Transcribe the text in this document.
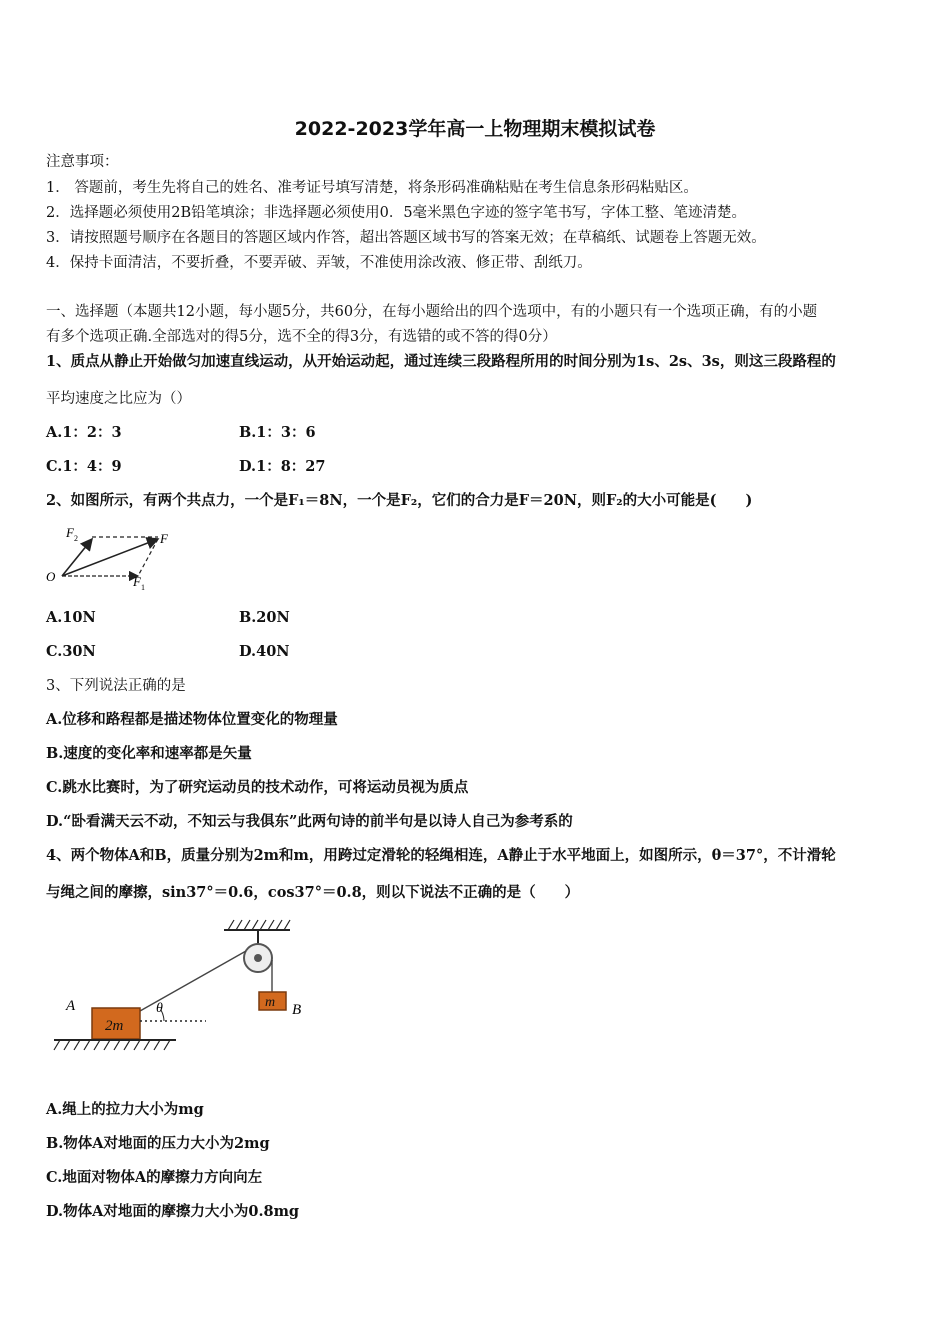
2022-2023学年高一上物理期末模拟试卷
注意事项：
1． 答题前，考生先将自己的姓名、准考证号填写清楚，将条形码准确粘贴在考生信息条形码粘贴区。
2．选择题必须使用2B铅笔填涂；非选择题必须使用0．5毫米黑色字迹的签字笔书写，字体工整、笔迹清楚。
3．请按照题号顺序在各题目的答题区域内作答，超出答题区域书写的答案无效；在草稿纸、试题卷上答题无效。
4．保持卡面清洁，不要折叠，不要弄破、弄皱，不准使用涂改液、修正带、刮纸刀。
一、选择题（本题共12小题，每小题5分，共60分，在每小题给出的四个选项中，有的小题只有一个选项正确，有的小题
有多个选项正确.全部选对的得5分，选不全的得3分，有选错的或不答的得0分）
1、质点从静止开始做匀加速直线运动，从开始运动起，通过连续三段路程所用的时间分别为1s、2s、3s，则这三段路程的
平均速度之比应为（）
A.1：2：3	B.1：3：6
C.1：4：9	D.1：8：27
2、如图所示，有两个共点力，一个是F₁＝8N，一个是F₂，它们的合力是F＝20N，则F₂的大小可能是(　　)
O
F
F 2
F 1
A.10N	B.20N
C.30N	D.40N
3、下列说法正确的是
A.位移和路程都是描述物体位置变化的物理量
B.速度的变化率和速率都是矢量
C.跳水比赛时，为了研究运动员的技术动作，可将运动员视为质点
D.“卧看满天云不动，不知云与我俱东”此两句诗的前半句是以诗人自己为参考系的
4、两个物体A和B，质量分别为2m和m，用跨过定滑轮的轻绳相连，A静止于水平地面上，如图所示，θ＝37°，不计滑轮
与绳之间的摩擦，sin37°＝0.6，cos37°＝0.8，则以下说法不正确的是（　　）
m B
2m
A	θ
A.绳上的拉力大小为mg
B.物体A对地面的压力大小为2mg
C.地面对物体A的摩擦力方向向左
D.物体A对地面的摩擦力大小为0.8mg
